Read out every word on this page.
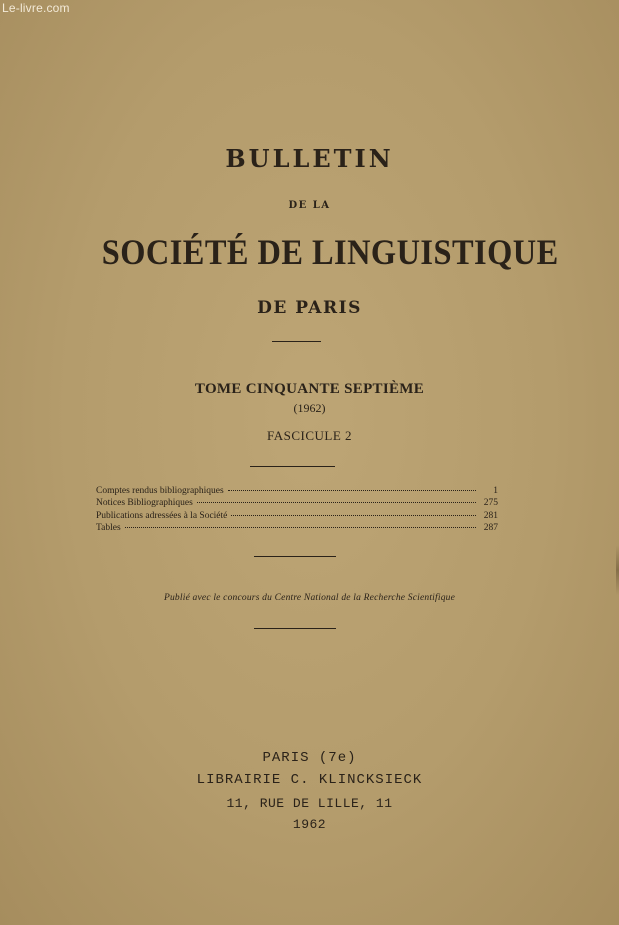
Le-livre.com
BULLETIN
DE LA
SOCIÉTÉ DE LINGUISTIQUE
DE PARIS
TOME CINQUANTE SEPTIÈME
(1962)
FASCICULE 2
Comptes rendus bibliographiques	1
Notices Bibliographiques	275
Publications adressées à la Société	281
Tables	287
Publié avec le concours du Centre National de la Recherche Scientifique
PARIS (7e)
LIBRAIRIE C. KLINCKSIECK
11, RUE DE LILLE, 11
1962
